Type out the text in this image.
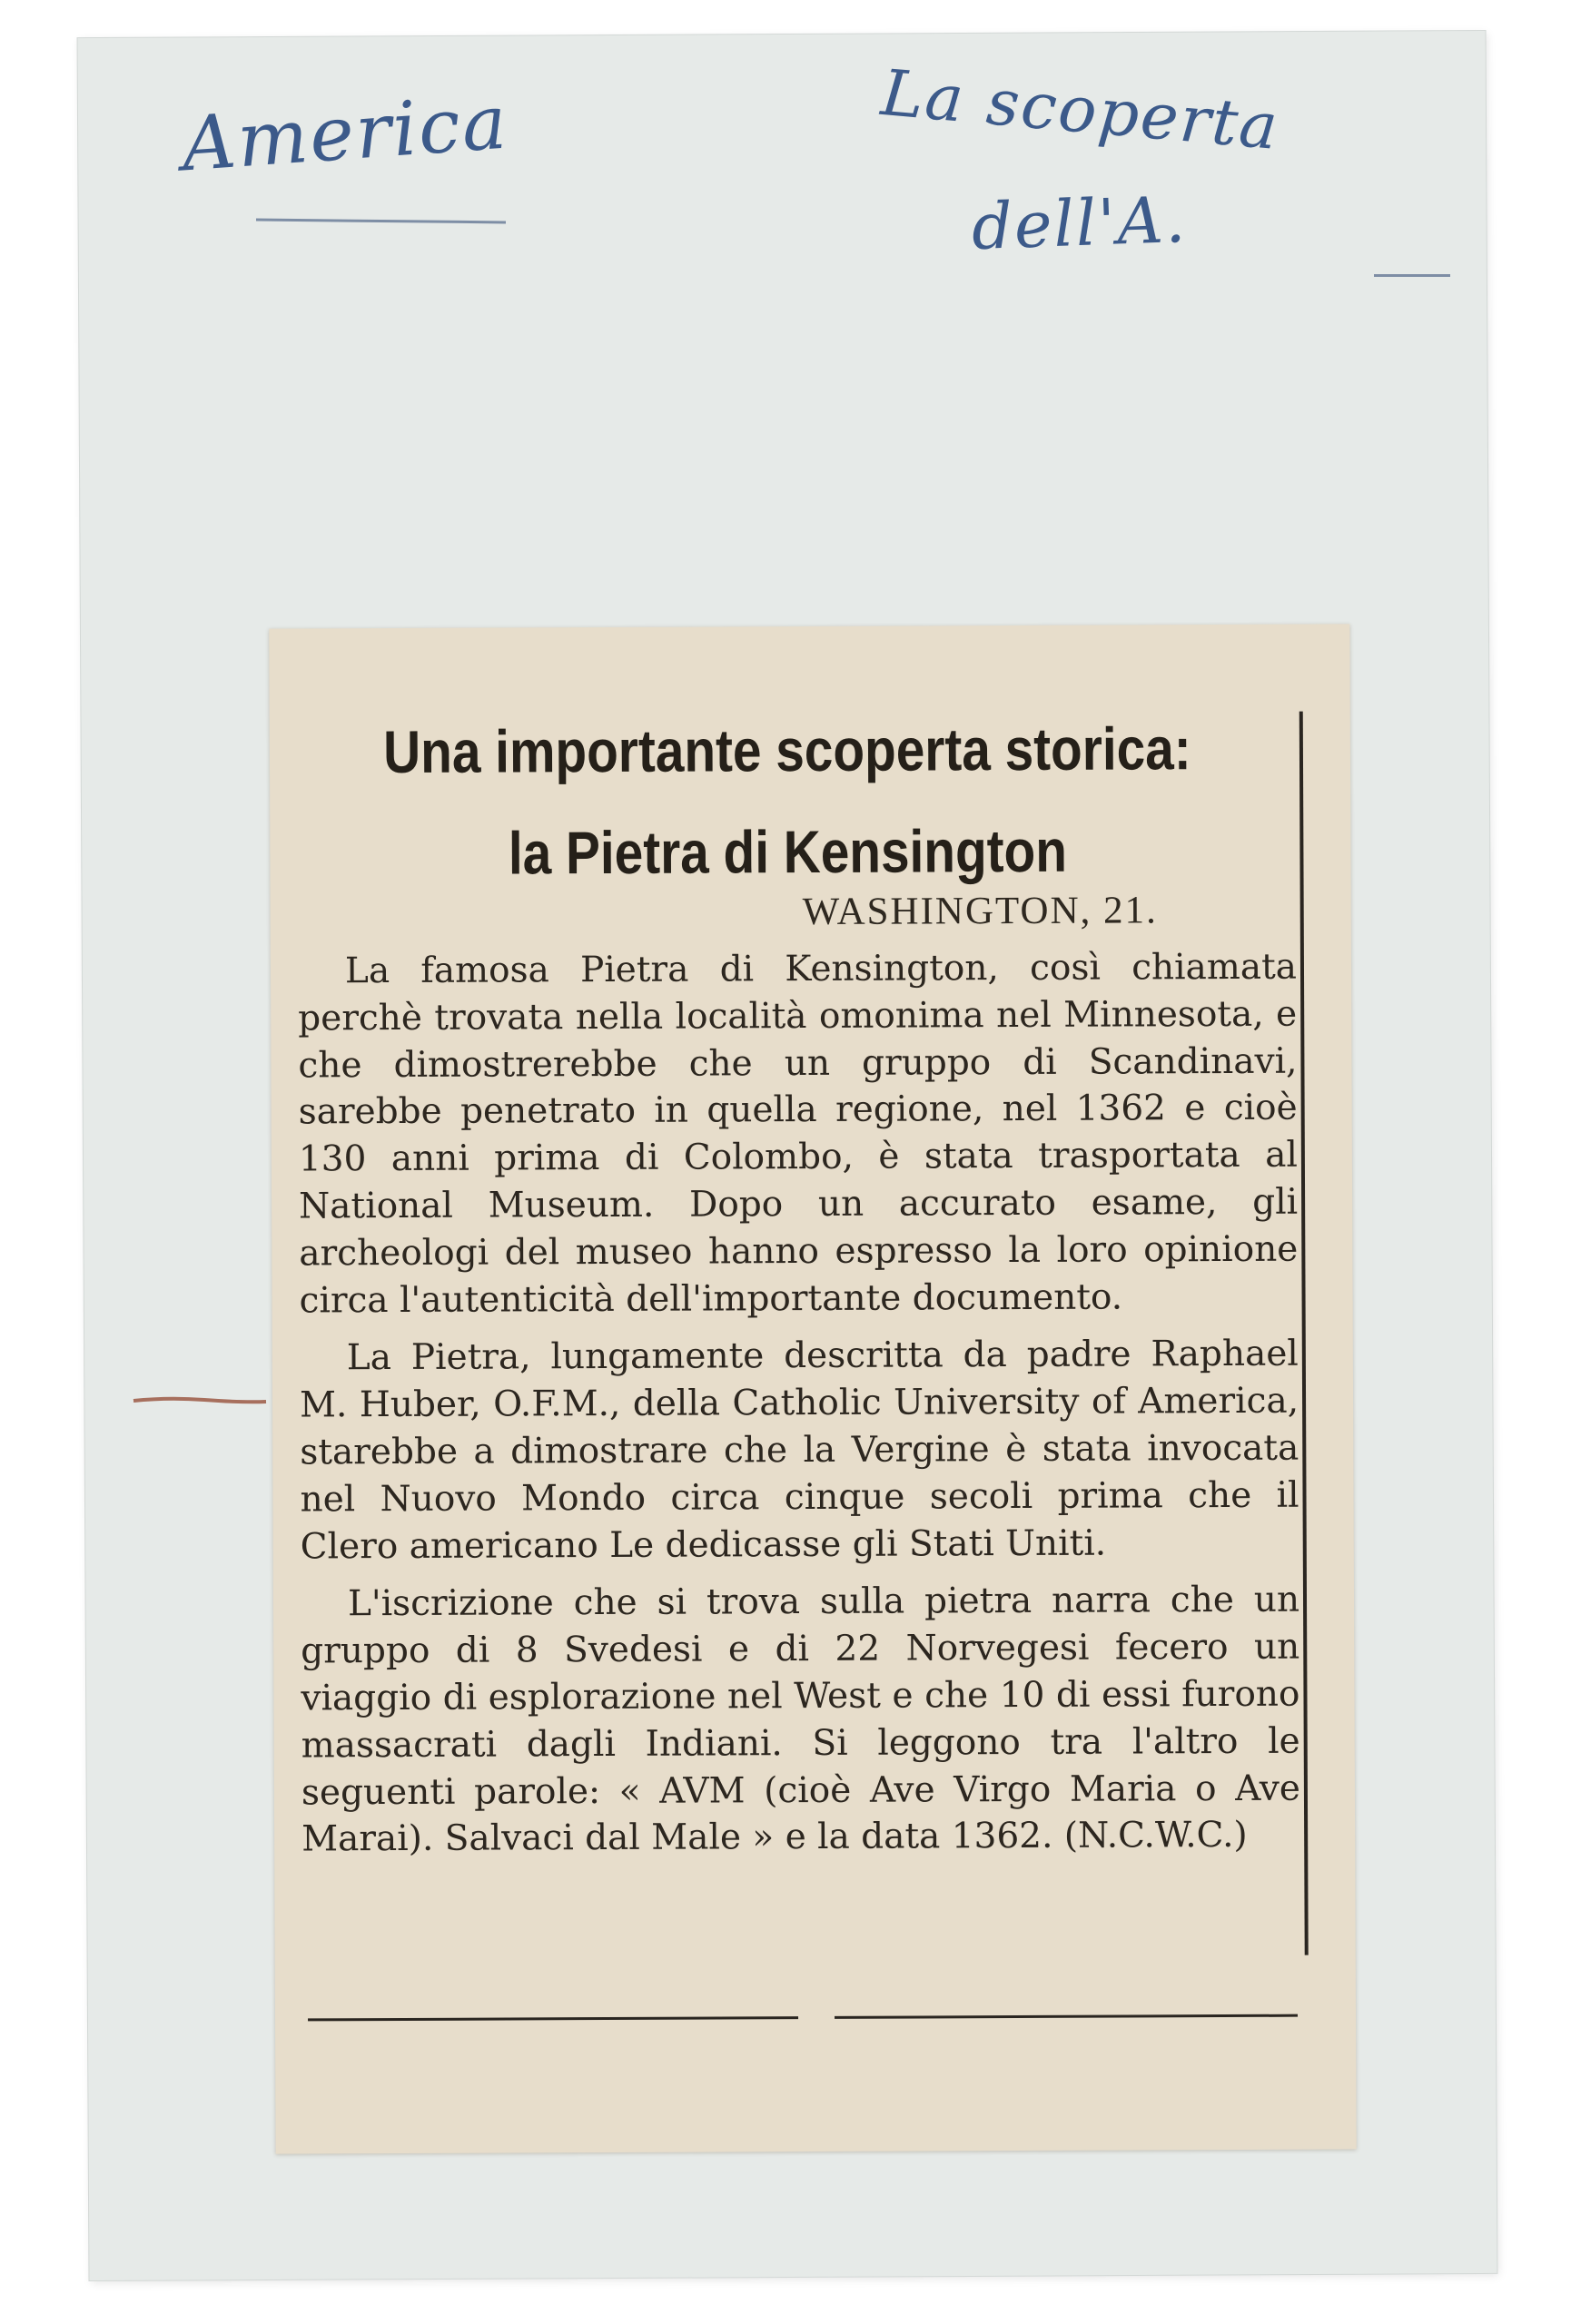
America	La scoperta
dell'A.
Una importante scoperta storica: la Pietra di Kensington
WASHINGTON, 21.

La famosa Pietra di Kensington, così chiamata perchè trovata nella località omonima nel Minnesota, e che dimostrerebbe che un gruppo di Scandinavi, sarebbe penetrato in quella regione, nel 1362 e cioè 130 anni prima di Colombo, è stata trasportata al National Museum. Dopo un accurato esame, gli archeologi del museo hanno espresso la loro opinione circa l'autenticità dell'importante documento.

La Pietra, lungamente descritta da padre Raphael M. Huber, O.F.M., della Catholic University of America, starebbe a dimostrare che la Vergine è stata invocata nel Nuovo Mondo circa cinque secoli prima che il Clero americano Le dedicasse gli Stati Uniti.

L'iscrizione che si trova sulla pietra narra che un gruppo di 8 Svedesi e di 22 Norvegesi fecero un viaggio di esplorazione nel West e che 10 di essi furono massacrati dagli Indiani. Si leggono tra l'altro le seguenti parole: « AVM (cioè Ave Virgo Maria o Ave Marai). Salvaci dal Male » e la data 1362. (N.C.W.C.)
